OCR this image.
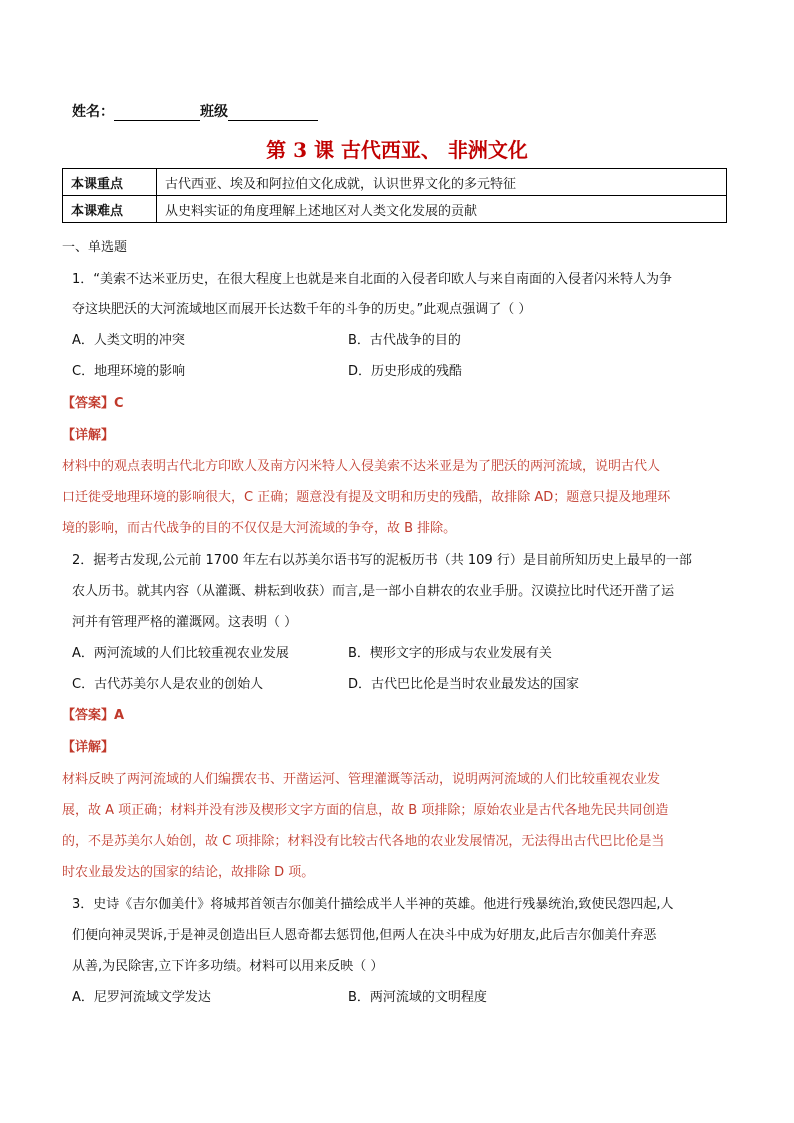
姓名：	班级
第 3 课 古代西亚、 非洲文化
本课重点	古代西亚、埃及和阿拉伯文化成就，认识世界文化的多元特征
本课难点	从史料实证的角度理解上述地区对人类文化发展的贡献
一、单选题
1．“美索不达米亚历史，在很大程度上也就是来自北面的入侵者印欧人与来自南面的入侵者闪米特人为争
夺这块肥沃的大河流域地区而展开长达数千年的斗争的历史。”此观点强调了（ ）
A．人类文明的冲突	B．古代战争的目的
C．地理环境的影响	D．历史形成的残酷
【答案】C
【详解】
材料中的观点表明古代北方印欧人及南方闪米特人入侵美索不达米亚是为了肥沃的两河流域，说明古代人
口迁徙受地理环境的影响很大，C 正确；题意没有提及文明和历史的残酷，故排除 AD；题意只提及地理环
境的影响，而古代战争的目的不仅仅是大河流域的争夺，故 B 排除。
2．据考古发现,公元前 1700 年左右以苏美尔语书写的泥板历书（共 109 行）是目前所知历史上最早的一部
农人历书。就其内容（从灌溉、耕耘到收获）而言,是一部小自耕农的农业手册。汉谟拉比时代还开凿了运
河并有管理严格的灌溉网。这表明（ ）
A．两河流域的人们比较重视农业发展	B．楔形文字的形成与农业发展有关
C．古代苏美尔人是农业的创始人	D．古代巴比伦是当时农业最发达的国家
【答案】A
【详解】
材料反映了两河流域的人们编撰农书、开凿运河、管理灌溉等活动，说明两河流域的人们比较重视农业发
展，故 A 项正确；材料并没有涉及楔形文字方面的信息，故 B 项排除；原始农业是古代各地先民共同创造
的，不是苏美尔人始创，故 C 项排除；材料没有比较古代各地的农业发展情况，无法得出古代巴比伦是当
时农业最发达的国家的结论，故排除 D 项。
3．史诗《吉尔伽美什》将城邦首领吉尔伽美什描绘成半人半神的英雄。他进行残暴统治,致使民怨四起,人
们便向神灵哭诉,于是神灵创造出巨人恩奇都去惩罚他,但两人在决斗中成为好朋友,此后吉尔伽美什弃恶
从善,为民除害,立下许多功绩。材料可以用来反映（ ）
A．尼罗河流域文学发达	B．两河流域的文明程度
